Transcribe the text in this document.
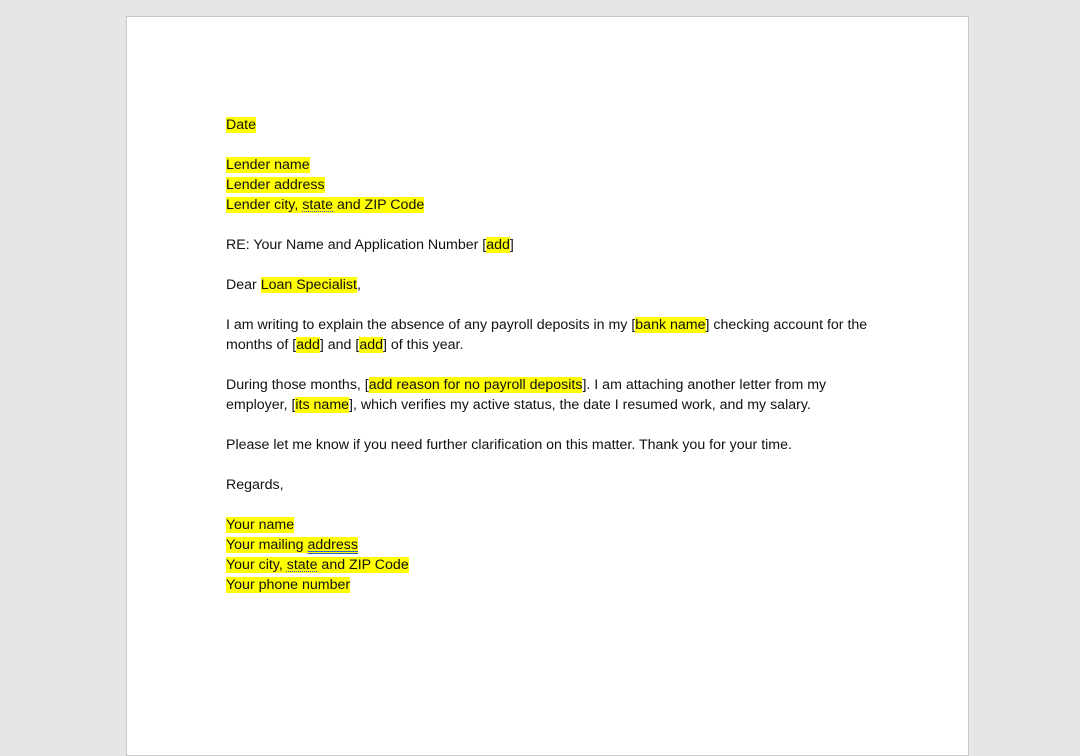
Date

Lender name

Lender address

Lender city, state and ZIP Code

RE: Your Name and Application Number [add]

Dear Loan Specialist,

I am writing to explain the absence of any payroll deposits in my [bank name] checking account for the months of [add] and [add] of this year.

During those months, [add reason for no payroll deposits]. I am attaching another letter from my employer, [its name], which verifies my active status, the date I resumed work, and my salary.

Please let me know if you need further clarification on this matter. Thank you for your time.

Regards,

Your name

Your mailing address

Your city, state and ZIP Code

Your phone number
